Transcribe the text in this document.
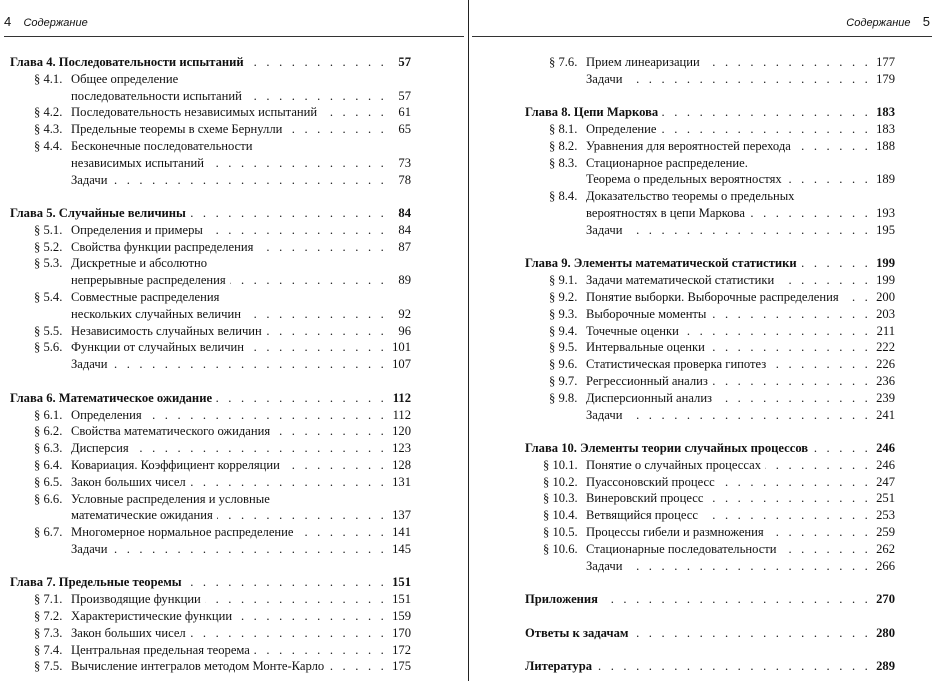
4 Содержание
Глава 4. Последовательности испытаний . . .	57
§ 4.1. Общее определение
последовательности испытаний . . .	57
§ 4.2. Последовательность независимых испытаний . . .	61
§ 4.3. Предельные теоремы в схеме Бернулли . . .	65
§ 4.4. Бесконечные последовательности
независимых испытаний . . .	73
Задачи . . .	78
Глава 5. Случайные величины . . .	84
§ 5.1. Определения и примеры . . .	84
§ 5.2. Свойства функции распределения . . .	87
§ 5.3. Дискретные и абсолютно
непрерывные распределения . . .	89
§ 5.4. Совместные распределения
нескольких случайных величин . . .	92
§ 5.5. Независимость случайных величин . . .	96
§ 5.6. Функции от случайных величин . . .	101
Задачи . . .	107
Глава 6. Математическое ожидание . . .	112
§ 6.1. Определения . . .	112
§ 6.2. Свойства математического ожидания . . .	120
§ 6.3. Дисперсия . . .	123
§ 6.4. Ковариация. Коэффициент корреляции . . .	128
§ 6.5. Закон больших чисел . . .	131
§ 6.6. Условные распределения и условные
математические ожидания . . .	137
§ 6.7. Многомерное нормальное распределение . . .	141
Задачи . . .	145
Глава 7. Предельные теоремы . . .	151
§ 7.1. Производящие функции . . .	151
§ 7.2. Характеристические функции . . .	159
§ 7.3. Закон больших чисел . . .	170
§ 7.4. Центральная предельная теорема . . .	172
§ 7.5. Вычисление интегралов методом Монте-Карло . . .	175
Содержание 5
§ 7.6. Прием линеаризации . . .	177
Задачи . . .	179
Глава 8. Цепи Маркова . . .	183
§ 8.1. Определение . . .	183
§ 8.2. Уравнения для вероятностей перехода . . .	188
§ 8.3. Стационарное распределение.
Теорема о предельных вероятностях . . .	189
§ 8.4. Доказательство теоремы о предельных
вероятностях в цепи Маркова . . .	193
Задачи . . .	195
Глава 9. Элементы математической статистики . . .	199
§ 9.1. Задачи математической статистики . . .	199
§ 9.2. Понятие выборки. Выборочные распределения . . .	200
§ 9.3. Выборочные моменты . . .	203
§ 9.4. Точечные оценки . . .	211
§ 9.5. Интервальные оценки . . .	222
§ 9.6. Статистическая проверка гипотез . . .	226
§ 9.7. Регрессионный анализ . . .	236
§ 9.8. Дисперсионный анализ . . .	239
Задачи . . .	241
Глава 10. Элементы теории случайных процессов . . .	246
§ 10.1. Понятие о случайных процессах . . .	246
§ 10.2. Пуассоновский процесс . . .	247
§ 10.3. Винеровский процесс . . .	251
§ 10.4. Ветвящийся процесс . . .	253
§ 10.5. Процессы гибели и размножения . . .	259
§ 10.6. Стационарные последовательности . . .	262
Задачи . . .	266
Приложения . . .	270
Ответы к задачам . . .	280
Литература . . .	289
